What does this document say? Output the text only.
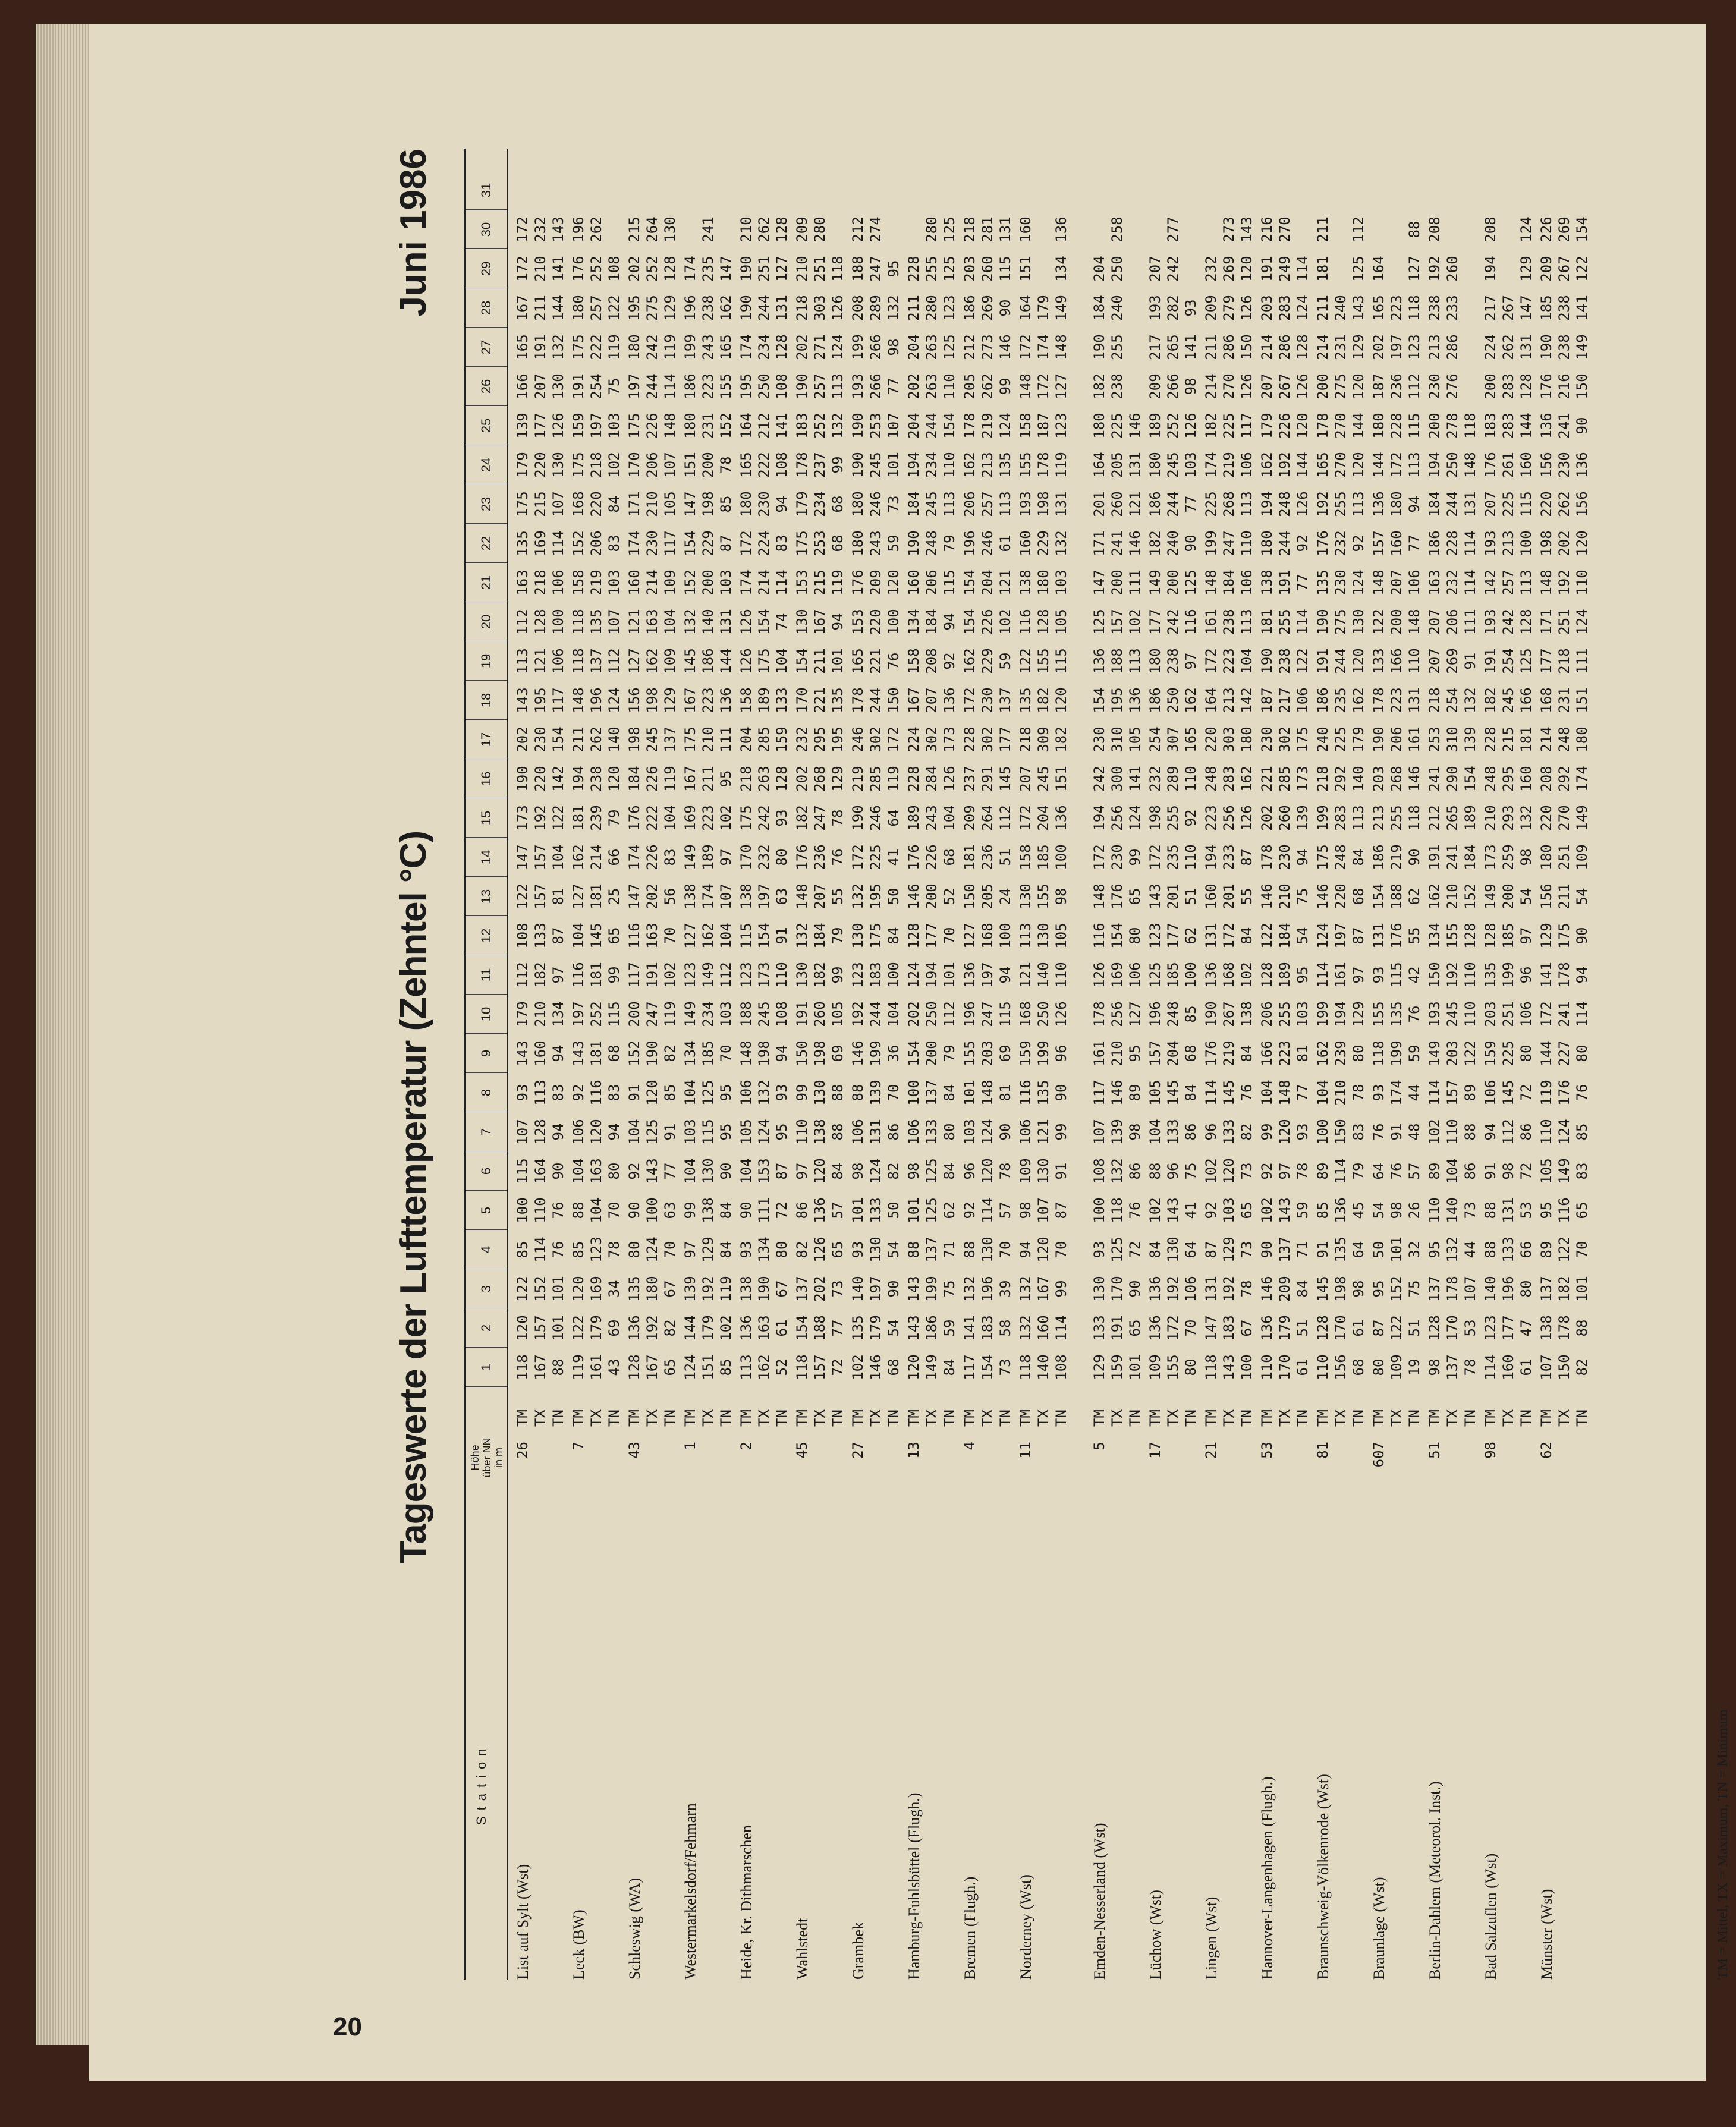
20
Tageswerte der Lufttemperatur (Zehntel °C)
Juni 1986
Station
Höhe über NN in m
1
2
3
4
5
6
7
8
9
10
11
12
13
14
15
16
17
18
19
20
21
22
23
24
25
26
27
28
29
30
31
List auf Sylt (Wst)
26
TM
118
120
122
85
100
115
107
93
143
179
112
108
122
147
173
190
202
143
113
112
163
135
175
179
139
166
165
167
172
172
TX
167
157
152
114
110
164
128
113
160
210
182
133
157
157
192
220
230
195
121
128
218
169
215
220
177
207
191
211
210
232
TN
88
101
101
76
76
90
94
83
94
134
97
87
81
104
122
142
154
117
106
100
106
114
107
130
126
130
132
144
141
143
Leck (BW)
7
TM
119
122
120
85
88
104
106
92
143
197
116
104
127
162
181
194
211
148
118
118
158
152
168
175
159
191
175
180
176
196
TX
161
179
169
123
104
163
120
116
181
252
181
145
181
214
239
238
262
196
137
135
219
206
220
218
197
254
222
257
252
262
TN
43
69
34
78
70
80
94
83
68
115
99
65
25
66
79
120
140
124
112
107
103
83
84
102
103
75
119
122
108
Schleswig (WA)
43
TM
128
136
135
80
90
92
104
91
152
200
117
116
147
174
176
184
198
156
127
121
160
174
171
170
175
197
180
195
202
215
TX
167
192
180
124
100
143
125
120
190
247
191
163
202
226
222
226
245
198
162
163
214
230
210
206
226
244
242
275
252
264
TN
65
82
67
70
63
77
91
85
82
119
102
70
56
83
104
119
137
129
109
104
109
117
105
107
148
114
119
129
128
130
Westermarkelsdorf/Fehmarn
1
TM
124
144
139
97
99
104
103
104
134
149
123
127
138
149
169
167
175
167
145
132
152
154
147
151
180
186
199
196
174
TX
151
179
192
129
138
130
115
125
185
234
149
162
174
189
223
211
210
223
186
140
200
229
198
200
231
223
243
238
235
241
TN
85
102
119
84
84
90
95
95
70
103
112
104
107
97
102
95
111
136
144
131
103
87
85
78
152
155
165
162
147
Heide, Kr. Dithmarschen
2
TM
113
136
138
93
90
104
105
106
148
188
123
115
138
170
175
218
204
158
126
126
174
172
180
165
164
195
174
190
190
210
TX
162
163
190
134
111
153
124
132
198
245
173
154
197
232
242
263
285
189
175
154
214
224
230
222
212
250
234
244
251
262
TN
52
61
67
80
72
87
95
93
94
108
110
91
63
80
93
128
159
133
104
74
114
83
94
108
141
108
128
131
127
128
Wahlstedt
45
TM
118
154
137
82
86
97
110
99
150
191
130
132
148
176
182
202
232
170
154
130
153
175
179
178
183
190
202
218
210
209
TX
157
188
202
126
136
120
138
130
198
260
182
184
207
236
247
268
295
221
211
167
215
253
234
237
252
257
271
303
251
280
TN
72
77
73
65
57
84
88
88
69
105
99
79
55
76
78
129
195
135
101
94
119
68
68
99
132
113
124
126
118
Grambek
27
TM
102
135
140
93
101
98
106
88
146
192
123
130
132
172
190
219
246
178
165
153
176
180
180
190
190
193
199
208
188
212
TX
146
179
197
130
133
124
131
139
199
244
183
175
195
225
246
285
302
244
221
220
209
243
246
245
253
266
266
289
247
274
TN
68
54
90
54
50
82
86
70
36
104
100
84
50
41
64
119
172
150
76
100
120
59
73
101
107
77
98
132
95
Hamburg-Fuhlsbüttel (Flugh.)
13
TM
120
143
143
88
101
98
106
100
154
202
124
128
146
176
189
228
224
167
158
134
160
190
184
194
204
202
204
211
228
TX
149
186
199
137
125
125
133
137
200
250
194
177
200
226
243
284
302
207
208
184
206
248
245
234
244
263
263
280
255
280
TN
84
59
75
71
62
84
80
84
79
112
101
70
52
68
104
126
173
136
92
94
115
79
113
110
154
110
125
123
125
125
Bremen (Flugh.)
4
TM
117
141
132
88
92
96
103
101
155
196
136
127
150
181
209
237
228
172
162
154
154
196
206
162
178
205
212
186
203
218
TX
154
183
196
130
114
120
124
148
203
247
197
168
205
236
264
291
302
230
229
226
204
246
257
213
219
262
273
269
260
281
TN
73
58
39
70
57
78
90
81
69
115
94
100
24
51
112
145
177
137
59
102
121
61
113
135
124
99
146
90
115
131
Norderney (Wst)
11
TM
118
132
132
94
98
109
106
116
159
168
121
113
130
158
172
207
218
135
122
116
138
160
193
155
158
148
172
164
151
160
TX
140
160
167
120
107
130
121
135
199
250
140
130
155
185
204
245
309
182
155
128
180
229
198
178
187
172
174
179
TN
108
114
99
70
87
91
99
90
96
126
110
105
98
100
136
151
182
120
115
105
103
132
131
119
123
127
148
149
134
136
Emden-Nesserland (Wst)
5
TM
129
133
130
93
100
108
107
117
161
178
126
116
148
172
194
242
230
154
136
125
147
171
201
164
180
182
190
184
204
TX
159
191
170
125
118
132
139
146
210
256
169
154
176
230
256
300
310
195
188
157
200
241
260
205
225
238
255
240
250
258
TN
101
65
90
72
76
86
98
89
95
127
106
80
65
99
124
141
105
136
113
102
111
146
121
131
146
Lüchow (Wst)
17
TM
109
136
136
84
102
88
104
105
157
196
125
123
143
172
198
232
254
186
180
177
149
182
186
180
189
209
217
193
207
TX
155
172
192
130
143
96
133
145
204
248
185
177
201
235
255
289
307
250
238
242
200
240
244
245
252
266
265
282
242
277
TN
80
70
106
64
41
75
86
84
68
85
100
62
51
110
92
110
165
162
97
116
125
90
77
103
126
98
141
93
Lingen (Wst)
21
TM
118
147
131
87
92
102
96
114
176
190
136
131
160
194
223
248
220
164
172
161
148
199
225
174
182
214
211
209
232
TX
143
183
192
129
103
120
133
145
219
267
168
172
201
233
256
283
303
213
223
238
184
247
268
219
225
270
286
279
269
273
TN
100
67
78
73
65
73
82
76
84
138
102
84
55
87
126
162
180
142
104
113
106
110
113
106
117
126
150
126
120
143
Hannover-Langenhagen (Flugh.)
53
TM
110
136
146
90
102
92
99
104
166
206
128
122
146
178
202
221
230
187
190
181
138
180
194
162
179
207
214
203
191
216
TX
170
179
209
137
143
97
120
148
223
255
189
184
210
230
260
285
302
217
238
255
191
244
248
192
226
267
286
283
249
270
TN
61
51
84
71
59
78
93
77
81
103
95
54
75
94
139
173
175
106
122
114
77
92
126
144
120
126
128
124
114
Braunschweig-Völkenrode (Wst)
81
TM
110
128
145
91
85
89
100
104
162
199
114
124
146
175
199
218
240
186
191
190
135
176
192
165
178
200
214
211
181
211
TX
156
170
198
135
136
114
150
210
239
194
161
197
220
248
283
292
225
235
244
275
230
232
255
270
270
275
231
240
TN
68
61
98
64
45
79
83
78
80
129
97
87
68
84
113
140
179
162
120
130
124
92
113
120
144
120
129
143
125
112
Braunlage (Wst)
607
TM
80
87
95
50
54
64
76
93
118
155
93
131
154
186
213
203
190
178
133
122
148
157
136
144
180
187
202
165
164
TX
109
122
152
101
98
76
91
174
199
135
115
176
188
219
255
268
206
223
166
200
207
160
180
172
228
236
197
223
TN
19
51
75
32
26
57
48
44
59
76
42
55
62
90
118
146
161
131
110
148
106
77
94
113
115
112
123
118
127
88
Berlin-Dahlem (Meteorol. Inst.)
51
TM
98
128
137
95
110
89
102
114
149
193
150
134
162
191
212
241
253
218
207
207
163
186
184
194
200
230
213
238
192
208
TX
137
170
178
132
140
104
110
157
203
245
192
155
210
241
265
290
310
254
269
206
232
228
244
250
278
276
286
233
260
TN
78
53
107
44
73
86
88
89
122
110
110
128
152
184
189
154
139
132
91
111
114
114
131
148
118
Bad Salzuflen (Wst)
98
TM
114
123
140
88
88
91
94
106
159
203
135
128
149
173
210
248
228
182
191
193
142
193
207
176
183
200
224
217
194
208
TX
160
177
196
133
131
98
112
145
225
251
199
185
200
259
293
295
215
245
254
242
257
213
225
261
283
283
262
267
TN
61
47
80
66
53
72
86
72
80
106
96
97
54
98
132
160
181
166
125
128
113
100
115
160
144
128
131
147
129
124
Münster (Wst)
62
TM
107
138
137
89
95
105
110
119
144
172
141
129
156
180
220
208
214
168
177
171
148
198
220
156
136
176
190
185
209
226
TX
150
178
182
122
116
149
124
176
227
241
178
175
211
251
270
292
248
231
218
251
192
202
262
230
241
216
238
238
267
269
TN
82
88
101
70
65
83
85
76
80
114
94
90
54
109
149
174
180
151
111
124
110
120
156
136
90
150
149
141
122
154
TM = Mittel, TX = Maximum, TN = Minimum
